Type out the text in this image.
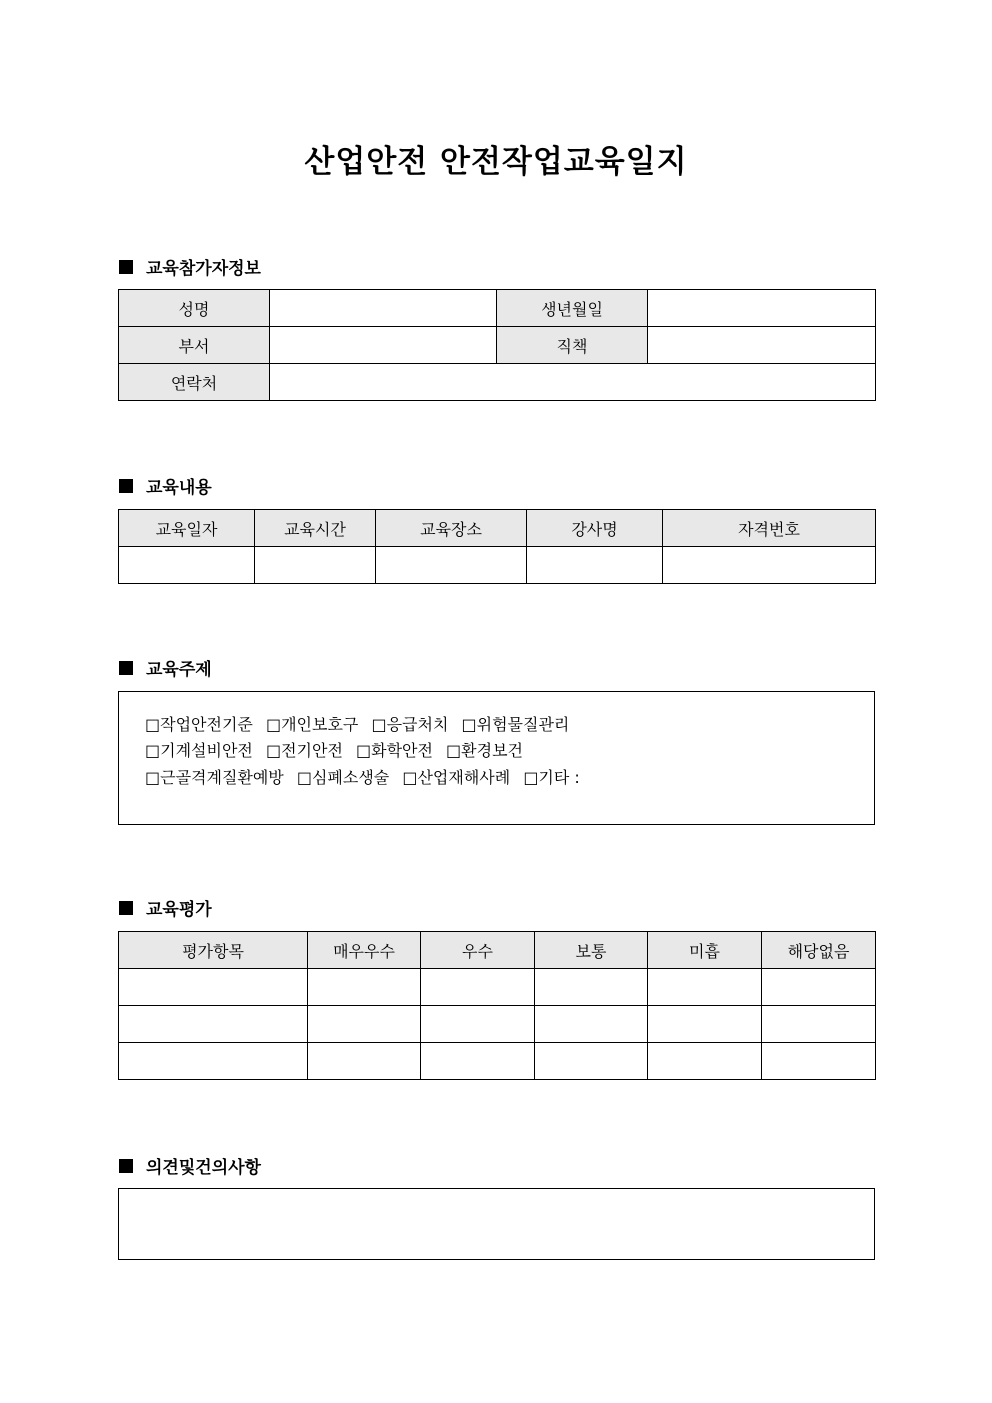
산업안전 안전작업교육일지
교육참가자정보
성명		생년월일	
부서		직책	
연락처			
교육내용
교육일자	교육시간	교육장소	강사명	자격번호

교육주제
□작업안전기준 □개인보호구 □응급처치 □위험물질관리
□기계설비안전 □전기안전 □화학안전 □환경보건
□근골격계질환예방 □심폐소생술 □산업재해사례 □기타 :
교육평가
평가항목	매우우수	우수	보통	미흡	해당없음

의견및건의사항
